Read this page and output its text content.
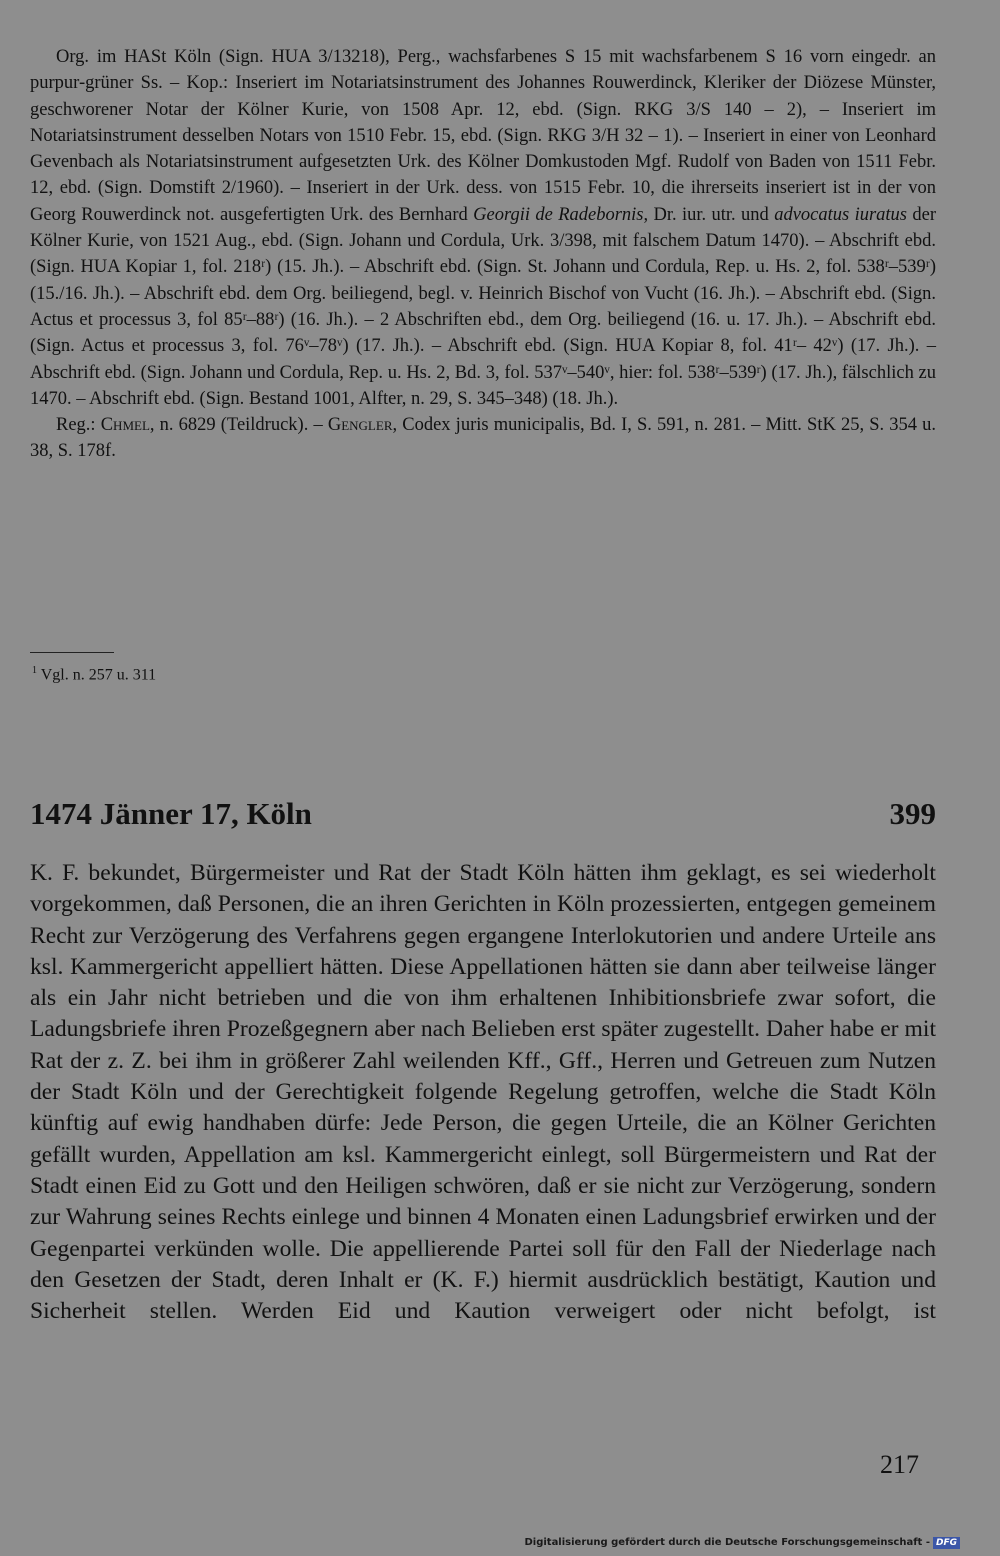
Org. im HASt Köln (Sign. HUA 3/13218), Perg., wachsfarbenes S 15 mit wachsfarbenem S 16 vorn eingedr. an purpur-grüner Ss. – Kop.: Inseriert im Notariatsinstrument des Johannes Rouwerdinck, Kleriker der Diözese Münster, geschworener Notar der Kölner Kurie, von 1508 Apr. 12, ebd. (Sign. RKG 3/S 140 – 2), – Inseriert im Notariatsinstrument desselben Notars von 1510 Febr. 15, ebd. (Sign. RKG 3/H 32 – 1). – Inseriert in einer von Leonhard Gevenbach als Notariatsinstrument aufgesetzten Urk. des Kölner Domkustoden Mgf. Rudolf von Baden von 1511 Febr. 12, ebd. (Sign. Domstift 2/1960). – Inseriert in der Urk. dess. von 1515 Febr. 10, die ihrerseits inseriert ist in der von Georg Rouwerdinck not. ausgefertigten Urk. des Bernhard Georgii de Radebornis, Dr. iur. utr. und advocatus iuratus der Kölner Kurie, von 1521 Aug., ebd. (Sign. Johann und Cordula, Urk. 3/398, mit falschem Datum 1470). – Abschrift ebd. (Sign. HUA Kopiar 1, fol. 218ʳ) (15. Jh.). – Abschrift ebd. (Sign. St. Johann und Cordula, Rep. u. Hs. 2, fol. 538ʳ–539ʳ) (15./16. Jh.). – Abschrift ebd. dem Org. beiliegend, begl. v. Heinrich Bischof von Vucht (16. Jh.). – Abschrift ebd. (Sign. Actus et processus 3, fol 85ʳ–88ʳ) (16. Jh.). – 2 Abschriften ebd., dem Org. beiliegend (16. u. 17. Jh.). – Abschrift ebd. (Sign. Actus et processus 3, fol. 76ᵛ–78ᵛ) (17. Jh.). – Abschrift ebd. (Sign. HUA Kopiar 8, fol. 41ʳ– 42ᵛ) (17. Jh.). – Abschrift ebd. (Sign. Johann und Cordula, Rep. u. Hs. 2, Bd. 3, fol. 537ᵛ–540ᵛ, hier: fol. 538ʳ–539ʳ) (17. Jh.), fälschlich zu 1470. – Abschrift ebd. (Sign. Bestand 1001, Alfter, n. 29, S. 345–348) (18. Jh.).

Reg.: Chmel, n. 6829 (Teildruck). – Gengler, Codex juris municipalis, Bd. I, S. 591, n. 281. – Mitt. StK 25, S. 354 u. 38, S. 178f.

$^1$ Vgl. n. 257 u. 311
1474 Jänner 17, Köln	399

K. F. bekundet, Bürgermeister und Rat der Stadt Köln hätten ihm geklagt, es sei wiederholt vorgekommen, daß Personen, die an ihren Gerichten in Köln prozessierten, entgegen gemeinem Recht zur Verzögerung des Verfahrens gegen ergangene Interlokutorien und andere Urteile ans ksl. Kammergericht appelliert hätten. Diese Appellationen hätten sie dann aber teilweise länger als ein Jahr nicht betrieben und die von ihm erhaltenen Inhibitionsbriefe zwar sofort, die Ladungsbriefe ihren Prozeßgegnern aber nach Belieben erst später zugestellt. Daher habe er mit Rat der z. Z. bei ihm in größerer Zahl weilenden Kff., Gff., Herren und Getreuen zum Nutzen der Stadt Köln und der Gerechtigkeit folgende Regelung getroffen, welche die Stadt Köln künftig auf ewig handhaben dürfe: Jede Person, die gegen Urteile, die an Kölner Gerichten gefällt wurden, Appellation am ksl. Kammergericht einlegt, soll Bürgermeistern und Rat der Stadt einen Eid zu Gott und den Heiligen schwören, daß er sie nicht zur Verzögerung, sondern zur Wahrung seines Rechts einlege und binnen 4 Monaten einen Ladungsbrief erwirken und der Gegenpartei verkünden wolle. Die appellierende Partei soll für den Fall der Niederlage nach den Gesetzen der Stadt, deren Inhalt er (K. F.) hiermit ausdrücklich bestätigt, Kaution und Sicherheit stellen. Werden Eid und Kaution verweigert oder nicht befolgt, ist

217
Digitalisierung gefördert durch die Deutsche Forschungsgemeinschaft - DFG
